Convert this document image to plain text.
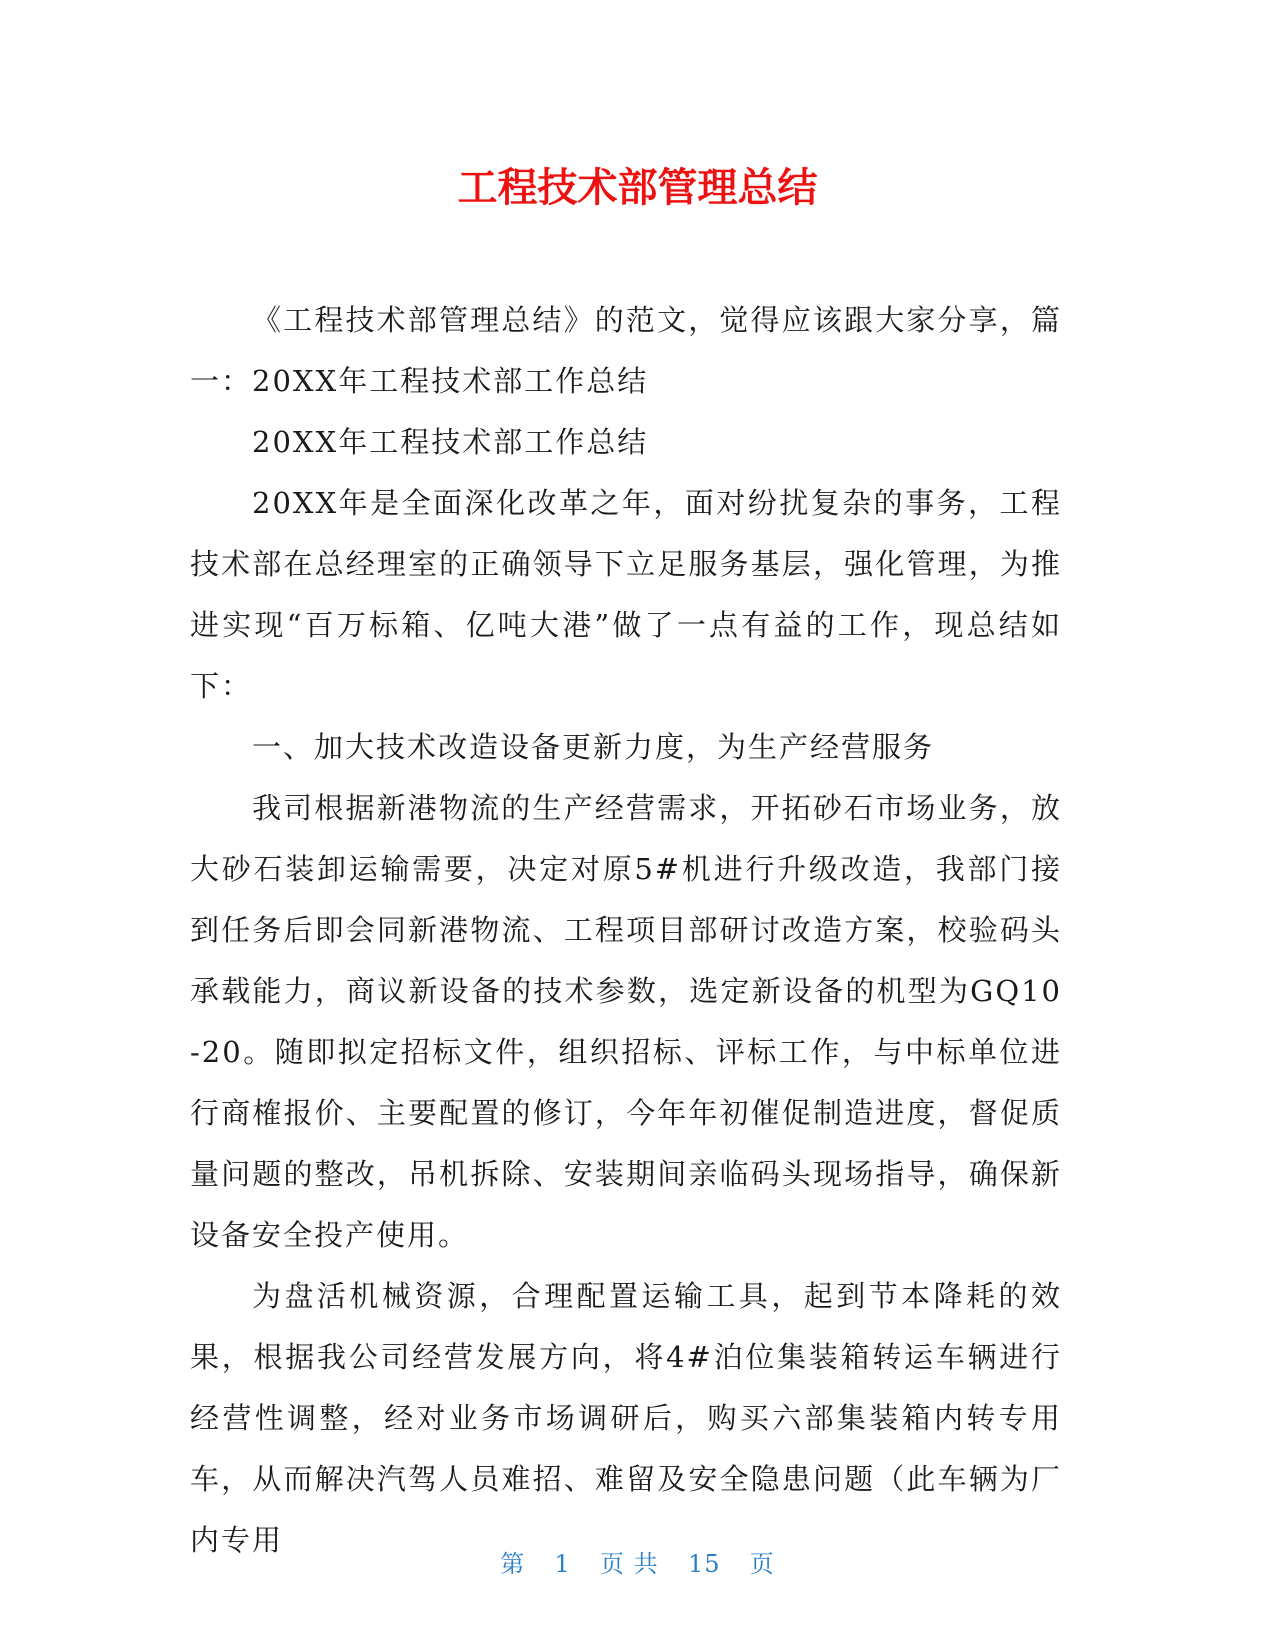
工程技术部管理总结

《工程技术部管理总结》的范文，觉得应该跟大家分享，篇一：20XX年工程技术部工作总结

20XX年工程技术部工作总结

20XX年是全面深化改革之年，面对纷扰复杂的事务，工程技术部在总经理室的正确领导下立足服务基层，强化管理，为推进实现“百万标箱、亿吨大港”做了一点有益的工作，现总结如下：

一、加大技术改造设备更新力度，为生产经营服务

我司根据新港物流的生产经营需求，开拓砂石市场业务，放大砂石装卸运输需要，决定对原5#机进行升级改造，我部门接到任务后即会同新港物流、工程项目部研讨改造方案，校验码头承载能力，商议新设备的技术参数，选定新设备的机型为GQ10-20。随即拟定招标文件，组织招标、评标工作，与中标单位进行商榷报价、主要配置的修订，今年年初催促制造进度，督促质量问题的整改，吊机拆除、安装期间亲临码头现场指导，确保新设备安全投产使用。

为盘活机械资源，合理配置运输工具，起到节本降耗的效果，根据我公司经营发展方向，将4#泊位集装箱转运车辆进行经营性调整，经对业务市场调研后，购买六部集装箱内转专用车，从而解决汽驾人员难招、难留及安全隐患问题（此车辆为厂内专用

第 1 页 共 15 页
